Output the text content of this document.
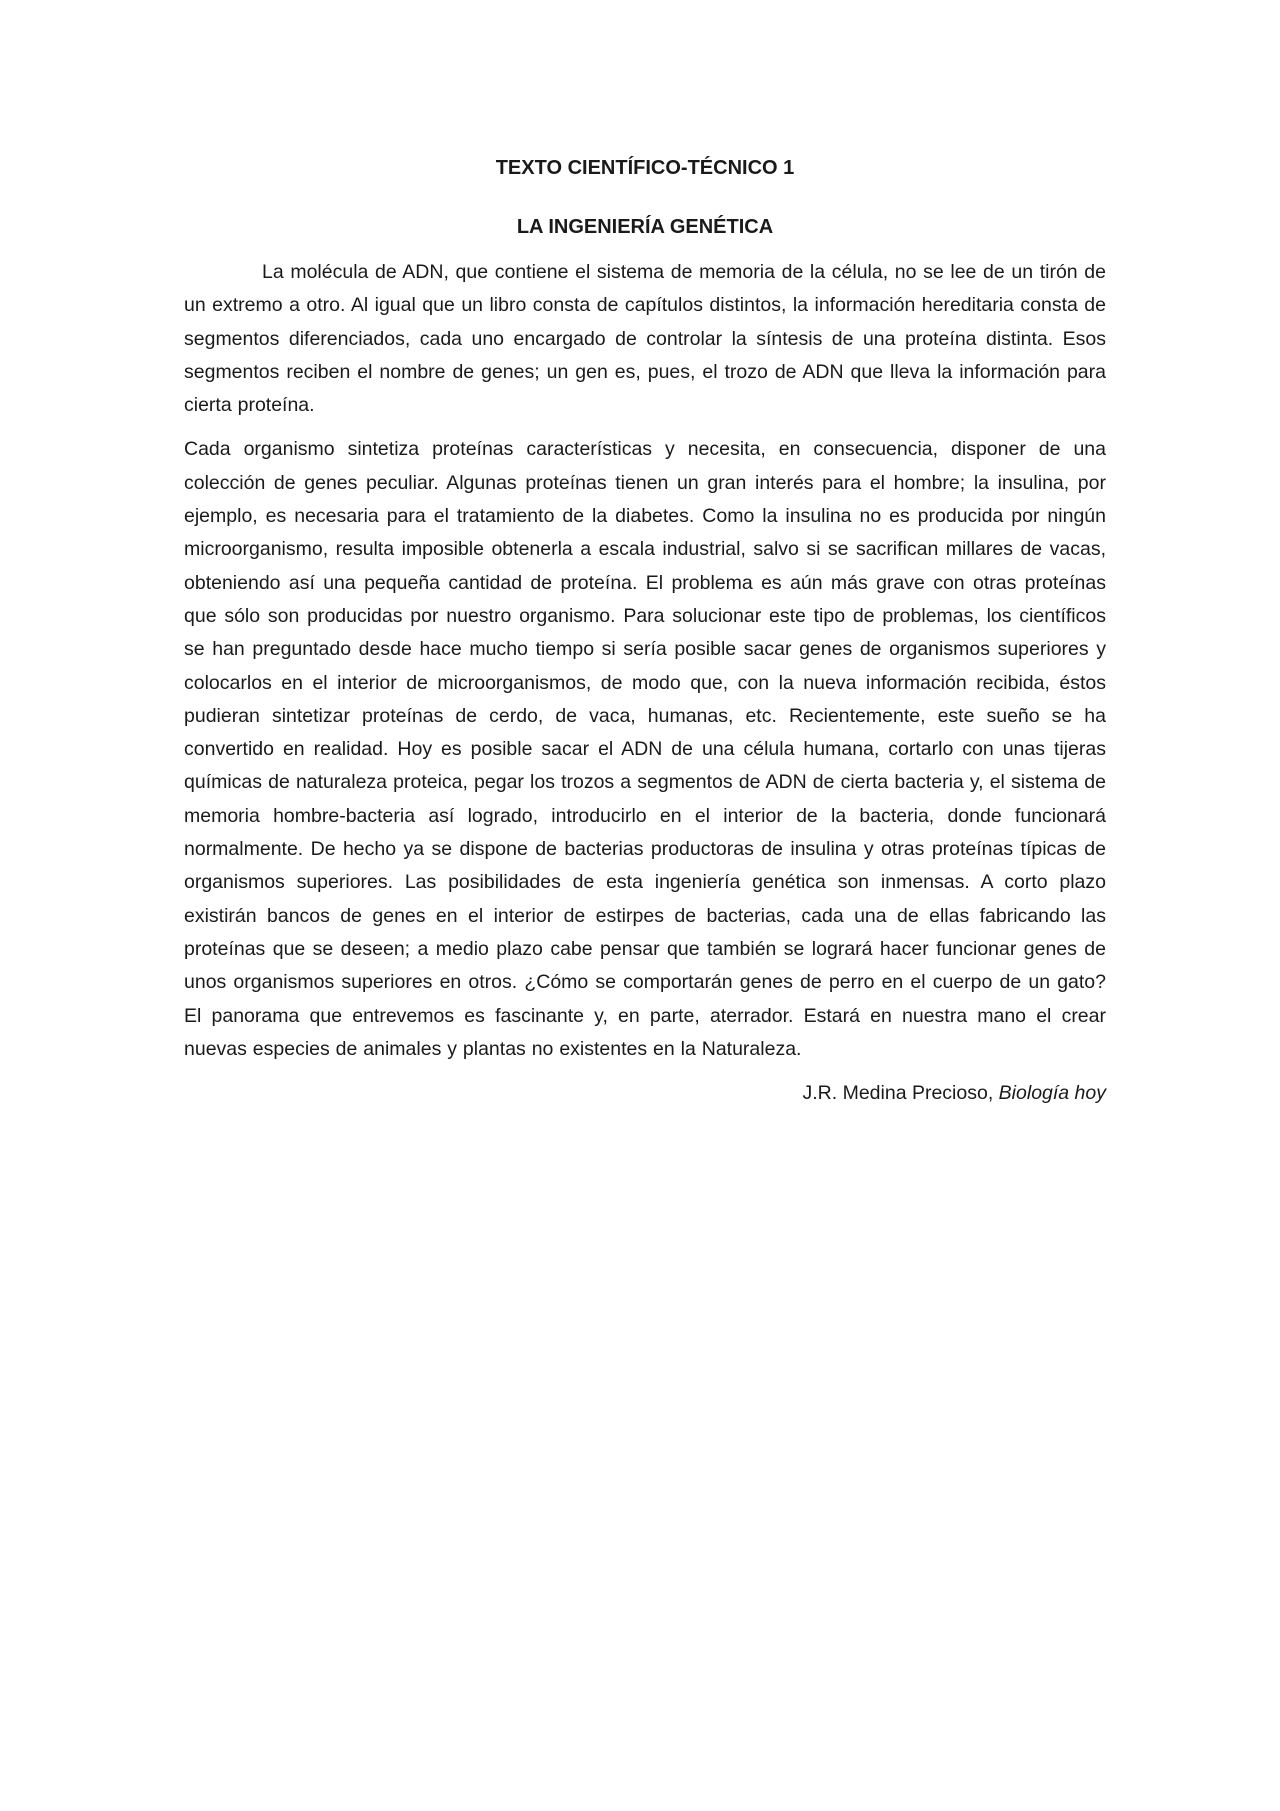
TEXTO CIENTÍFICO-TÉCNICO 1
LA INGENIERÍA GENÉTICA

La molécula de ADN, que contiene el sistema de memoria de la célula, no se lee de un tirón de un extremo a otro. Al igual que un libro consta de capítulos distintos, la información hereditaria consta de segmentos diferenciados, cada uno encargado de controlar la síntesis de una proteína distinta. Esos segmentos reciben el nombre de genes; un gen es, pues, el trozo de ADN que lleva la información para cierta proteína.

Cada organismo sintetiza proteínas características y necesita, en consecuencia, disponer de una colección de genes peculiar. Algunas proteínas tienen un gran interés para el hombre; la insulina, por ejemplo, es necesaria para el tratamiento de la diabetes. Como la insulina no es producida por ningún microorganismo, resulta imposible obtenerla a escala industrial, salvo si se sacrifican millares de vacas, obteniendo así una pequeña cantidad de proteína. El problema es aún más grave con otras proteínas que sólo son producidas por nuestro organismo. Para solucionar este tipo de problemas, los científicos se han preguntado desde hace mucho tiempo si sería posible sacar genes de organismos superiores y colocarlos en el interior de microorganismos, de modo que, con la nueva información recibida, éstos pudieran sintetizar proteínas de cerdo, de vaca, humanas, etc. Recientemente, este sueño se ha convertido en realidad. Hoy es posible sacar el ADN de una célula humana, cortarlo con unas tijeras químicas de naturaleza proteica, pegar los trozos a segmentos de ADN de cierta bacteria y, el sistema de memoria hombre-bacteria así logrado, introducirlo en el interior de la bacteria, donde funcionará normalmente. De hecho ya se dispone de bacterias productoras de insulina y otras proteínas típicas de organismos superiores. Las posibilidades de esta ingeniería genética son inmensas. A corto plazo existirán bancos de genes en el interior de estirpes de bacterias, cada una de ellas fabricando las proteínas que se deseen; a medio plazo cabe pensar que también se logrará hacer funcionar genes de unos organismos superiores en otros. ¿Cómo se comportarán genes de perro en el cuerpo de un gato? El panorama que entrevemos es fascinante y, en parte, aterrador. Estará en nuestra mano el crear nuevas especies de animales y plantas no existentes en la Naturaleza.

J.R. Medina Precioso, Biología hoy
